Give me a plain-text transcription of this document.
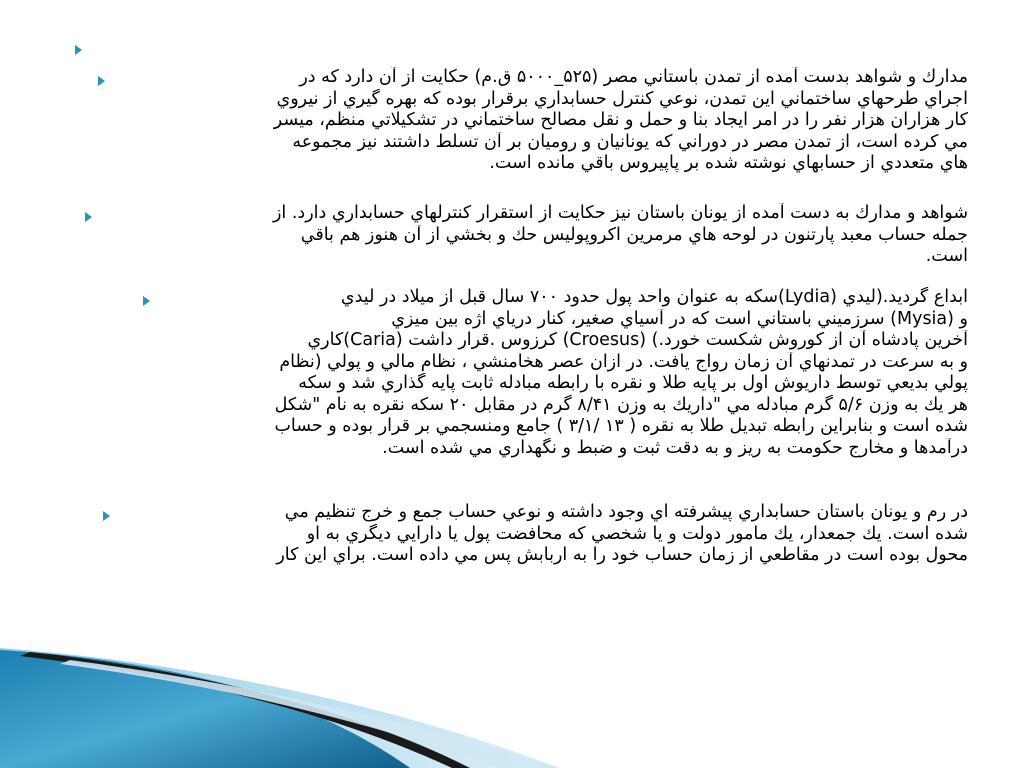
مدارك و شواهد بدست آمده از تمدن باستاني مصر (۵۲۵_۵۰۰۰ ق.م) حكايت از آن دارد كه در
اجراي طرحهاي ساختماني اين تمدن، نوعي كنترل حسابداري برقرار بوده كه بهره گيري از نيروي
كار هزاران هزار نفر را در امر ايجاد بنا و حمل و نقل مصالح ساختماني در تشكيلاتي منظم، ميسر
مي كرده است، از تمدن مصر در دوراني كه يونانيان و روميان بر آن تسلط داشتند نيز مجموعه
هاي متعددي از حسابهاي نوشته شده بر پاپيروس باقي مانده است.
شواهد و مدارك به دست آمده از يونان باستان نيز حكايت از استقرار كنترلهاي حسابداري دارد. از
جمله حساب معبد پارتنون در لوحه هاي مرمرين اكروپوليس حك و بخشي از آن هنوز هم باقي
است.
ابداع گرديد.(ليدي (Lydia)سكه به عنوان واحد پول حدود ۷۰۰ سال قبل از ميلاد در ليدي
و (Mysia) سرزميني باستاني است كه در آسياي صغير، كنار درياي اژه بين ميزي
آخرين پادشاه آن از كوروش شكست خورد.) (Croesus) كرزوس .قرار داشت (Caria)كاري
و به سرعت در تمدنهاي آن زمان رواج يافت. در ازان عصر هخامنشي ، نظام مالي و پولي (نظام
پولي بديعي توسط داريوش اول بر پايه طلا و نقره با رابطه مبادله ثابت پايه گذاري شد و سكه
هر يك به وزن ۵/۶ گرم مبادله مي "داريك به وزن ۸/۴۱ گرم در مقابل ۲۰ سكه نقره به نام "شكل
شده است و بنابراين رابطه تبديل طلا به نقره ( ۱۳ /۳/۱ ) جامع ومنسجمي بر قرار بوده و حساب
درآمدها و مخارج حكومت به ريز و به دقت ثبت و ضبط و نگهداري مي شده است.
در رم و يونان باستان حسابداري پيشرفته اي وجود داشته و نوعي حساب جمع و خرج تنظيم مي
شده است. يك جمعدار، يك مامور دولت و يا شخصي كه محافضت پول يا دارايي ديگري به او
محول بوده است در مقاطعي از زمان حساب خود را به اربابش پس مي داده است. براي اين كار
